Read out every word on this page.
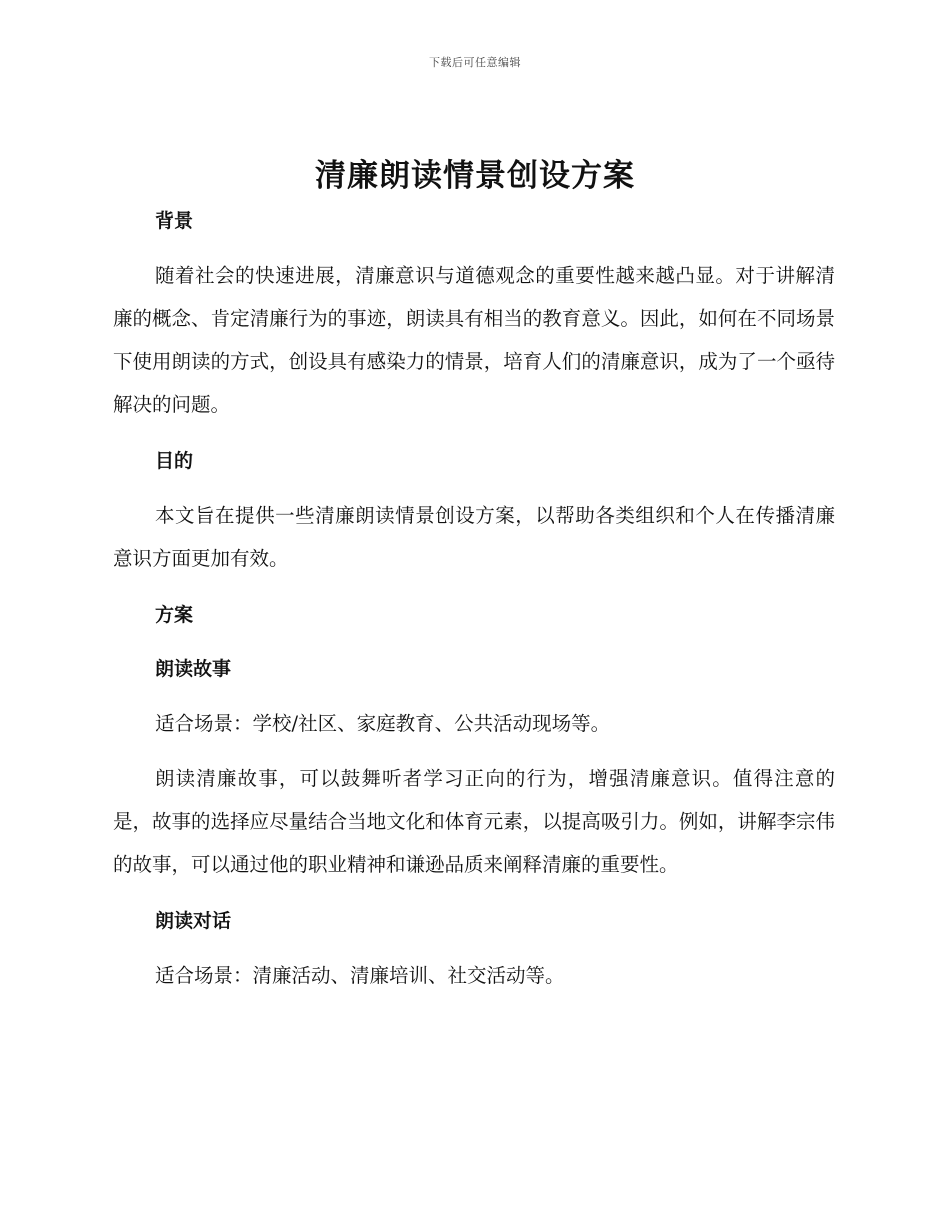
下载后可任意编辑
清廉朗读情景创设方案
背景

随着社会的快速进展，清廉意识与道德观念的重要性越来越凸显。对于讲解清廉的概念、肯定清廉行为的事迹，朗读具有相当的教育意义。因此，如何在不同场景下使用朗读的方式，创设具有感染力的情景，培育人们的清廉意识，成为了一个亟待解决的问题。

目的

本文旨在提供一些清廉朗读情景创设方案，以帮助各类组织和个人在传播清廉意识方面更加有效。

方案
朗读故事

适合场景：学校/社区、家庭教育、公共活动现场等。

朗读清廉故事，可以鼓舞听者学习正向的行为，增强清廉意识。值得注意的是，故事的选择应尽量结合当地文化和体育元素，以提高吸引力。例如，讲解李宗伟的故事，可以通过他的职业精神和谦逊品质来阐释清廉的重要性。

朗读对话

适合场景：清廉活动、清廉培训、社交活动等。
